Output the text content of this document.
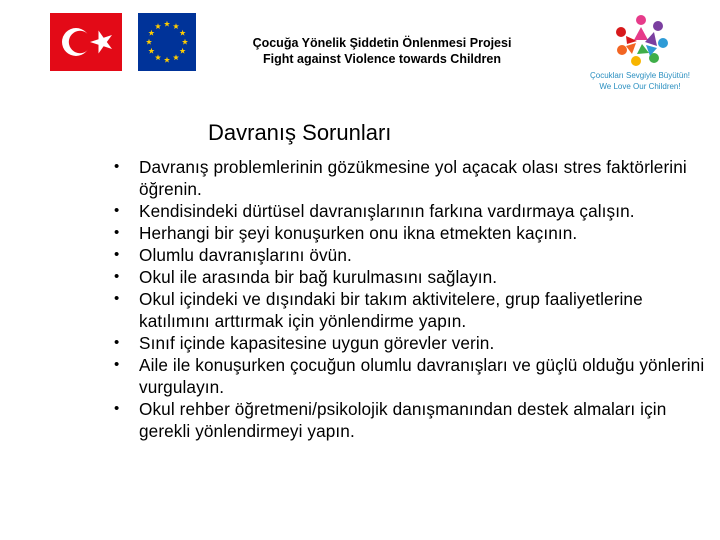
Çocuğa Yönelik Şiddetin Önlenmesi Projesi
Fight against Violence towards Children
Çocukları Sevgiyle Büyütün!
We Love Our Children!
Davranış Sorunları
• Davranış problemlerinin gözükmesine yol açacak olası stres faktörlerini öğrenin.
• Kendisindeki dürtüsel davranışlarının farkına vardırmaya çalışın.
• Herhangi bir şeyi konuşurken onu ikna etmekten kaçının.
• Olumlu davranışlarını övün.
• Okul ile arasında bir bağ kurulmasını sağlayın.
• Okul içindeki ve dışındaki bir takım aktivitelere, grup faaliyetlerine katılımını arttırmak için yönlendirme yapın.
• Sınıf içinde kapasitesine uygun görevler verin.
• Aile ile konuşurken çocuğun olumlu davranışları ve güçlü olduğu yönlerini vurgulayın.
• Okul rehber öğretmeni/psikolojik danışmanından destek almaları için gerekli yönlendirmeyi yapın.
